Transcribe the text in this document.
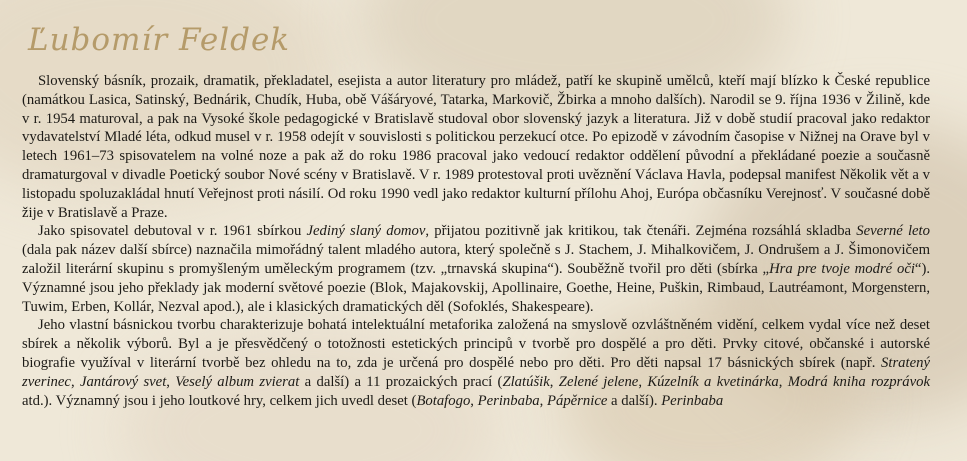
Ľubomír Feldek

Slovenský básník, prozaik, dramatik, překladatel, esejista a autor literatury pro mládež, patří ke skupině umělců, kteří mají blízko k České republice (namátkou Lasica, Satinský, Bednárik, Chudík, Huba, obě Vášáryové, Tatarka, Markovič, Žbirka a mnoho dalších). Narodil se 9. října 1936 v Žilině, kde v r. 1954 maturoval, a pak na Vysoké škole pedagogické v Bratislavě studoval obor slovenský jazyk a literatura. Již v době studií pracoval jako redaktor vydavatelství Mladé léta, odkud musel v r. 1958 odejít v souvislosti s politickou perzekucí otce. Po epizodě v závodním časopise v Nižnej na Orave byl v letech 1961–73 spisovatelem na volné noze a pak až do roku 1986 pracoval jako vedoucí redaktor oddělení původní a překládané poezie a současně dramaturgoval v divadle Poetický soubor Nové scény v Bratislavě. V r. 1989 protestoval proti uvěznění Václava Havla, podepsal manifest Několik vět a v listopadu spoluzakládal hnutí Veřejnost proti násilí. Od roku 1990 vedl jako redaktor kulturní přílohu Ahoj, Európa občasníku Verejnosť. V současné době žije v Bratislavě a Praze.

Jako spisovatel debutoval v r. 1961 sbírkou Jediný slaný domov, přijatou pozitivně jak kritikou, tak čtenáři. Zejména rozsáhlá skladba Severné leto (dala pak název další sbírce) naznačila mimořádný talent mladého autora, který společně s J. Stachem, J. Mihalkovičem, J. Ondrušem a J. Šimonovičem založil literární skupinu s promyšleným uměleckým programem (tzv. „trnavská skupina“). Souběžně tvořil pro děti (sbírka „Hra pre tvoje modré oči“). Významné jsou jeho překlady jak moderní světové poezie (Blok, Majakovskij, Apollinaire, Goethe, Heine, Puškin, Rimbaud, Lautréamont, Morgenstern, Tuwim, Erben, Kollár, Nezval apod.), ale i klasických dramatických děl (Sofoklés, Shakespeare).

Jeho vlastní básnickou tvorbu charakterizuje bohatá intelektuální metaforika založená na smyslově ozvláštněném vidění, celkem vydal více než deset sbírek a několik výborů. Byl a je přesvědčený o totožnosti estetických principů v tvorbě pro dospělé a pro děti. Prvky citové, občanské i autorské biografie využíval v literární tvorbě bez ohledu na to, zda je určená pro dospělé nebo pro děti. Pro děti napsal 17 básnických sbírek (např. Stratený zverinec, Jantárový svet, Veselý album zvierat a další) a 11 prozaických prací (Zlatúšik, Zelené jelene, Kúzelník a kvetinárka, Modrá kniha rozprávok atd.). Významný jsou i jeho loutkové hry, celkem jich uvedl deset (Botafogo, Perinbaba, Pápěrnice a další). Perinbaba
